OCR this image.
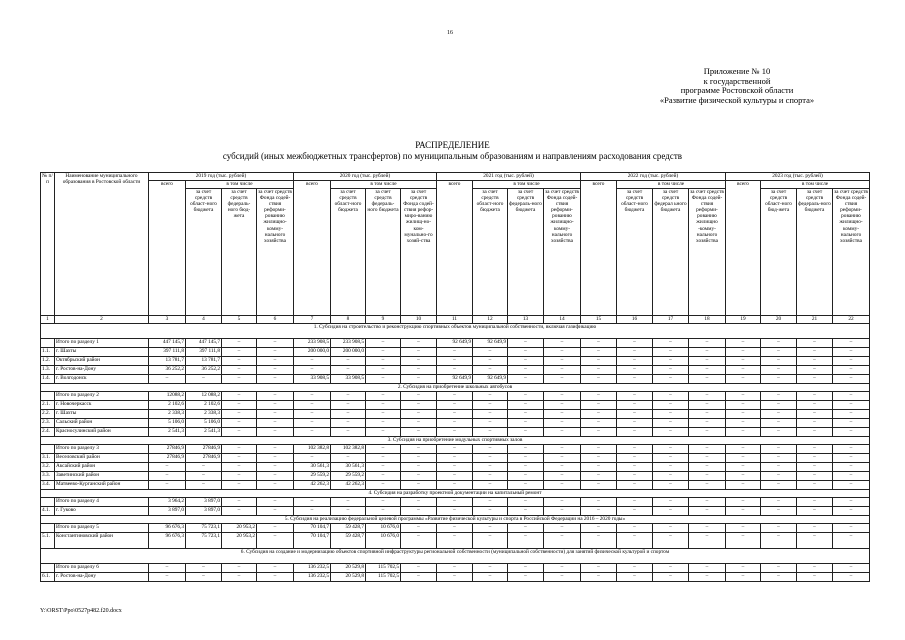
16
Приложение № 10
к государственной
программе Ростовской области
«Развитие физической культуры и спорта»
РАСПРЕДЕЛЕНИЕ
субсидий (иных межбюджетных трансфертов) по муниципальным образованиям и направлениям расходования средств
№ п/п	Наименование муниципального образования в Ростовской области	2019 год (тыс. рублей)				2020 год (тыс. рублей)				2021 год (тыс. рублей)				2022 год (тыс. рублей)				2023 год (тыс. рублей)			
		всего	в том числе			всего	в том числе			всего	в том числе			всего	в том числе			всего	в том числе		
			за счет средств област-ного бюджета	за счет средств федераль-ного бюд-жета	за счет средств Фонда содей-ствия реформи-рованию жилищно-комму-нального хозяйства		за счет средств област-ного бюджета	за счет средств федераль-ного бюджета	за счет средств Фонда содей-ствия рефор-миро-ванию жилищ-но-ком-мунально-го хозяй-ства		за счет средств област-ного бюджета	за счет средств федераль-ного бюджета	за счет средств Фонда содей-ствия реформи-рованию жилищно-комму-нального хозяйства		за счет средств област-ного бюджета	за счет средств федерал ьного бюджета	за счет средств Фонда содей-ствия реформи-рованию жилищно -комму-нального хозяйства		за счет средств област-ного бюд-жета	за счет средств федераль-ного бюджета	за счет средств Фонда содей-ствия реформи-рованию жилищно-комму-нального хозяйства
1	2	3	4	5	6	7	8	9	10	11	12	13	14	15	16	17	18	19	20	21	22
1. Субсидия на строительство и реконструкцию спортивных объектов муниципальной собственности, включая газификацию																					
	Итого по разделу 1	447 145,7	447 145,7	–	–	233 908,5	233 908,5	–	–	92 649,9	92 649,9	–	–	–	–	–	–	–	–	–	–
1.1.	г. Шахты	397 111,8	397 111,8	–	–	200 000,0	200 000,0	–	–	–	–	–	–	–	–	–	–	–	–	–	–
1.2.	Октябрьский район	13 781,7	13 781,7	–	–	–	–	–	–	–	–	–	–	–	–	–	–	–	–	–	–
1.3.	г. Ростов-на-Дону	36 252,2	36 252,2	–	–	–	–	–	–	–	–	–	–	–	–	–	–	–	–	–	–
1.4.	г. Волгодонск	–	–	–	–	33 908,5	33 908,5	–	–	92 649,9	92 649,9	–	–	–	–	–	–	–	–	–	–
2. Субсидия на приобретение школьных автобусов																					
	Итого по разделу 2	12088,2	12 088,2	–	–	–	–	–	–	–	–	–	–	–	–	–	–	–	–	–	–
2.1.	г. Новочеркасск	2 102,6	2 102,6	–	–	–	–	–	–	–	–	–	–	–	–	–	–	–	–	–	–
2.2.	г. Шахты	2 338,3	2 338,3	–	–	–	–	–	–	–	–	–	–	–	–	–	–	–	–	–	–
2.3.	Сальский район	5 106,0	5 106,0	–	–	–	–	–	–	–	–	–	–	–	–	–	–	–	–	–	–
2.4.	Красносулинский район	2 541,3	2 541,3	–	–	–	–	–	–	–	–	–	–	–	–	–	–	–	–	–	–
3. Субсидия на приобретение модульных спортивных залов																					
	Итого по разделу 3	27846,9	27846,9	–	–	102 382,8	102 382,8	–	–	–	–	–	–	–	–	–	–	–	–	–	–
3.1.	Веселовский район	27846,9	27846,9	–	–	–	–	–	–	–	–	–	–	–	–	–	–	–	–	–	–
3.2.	Аксайский район	–	–	–	–	30 561,3	30 561,3	–	–	–	–	–	–	–	–	–	–	–	–	–	–
3.3.	Заветинский район	–	–	–	–	29 559,2	29 559,2	–	–	–	–	–	–	–	–	–	–	–	–	–	–
3.4.	Матвеево-Курганский район	–	–	–	–	42 262,3	42 262,3	–	–	–	–	–	–	–	–	–	–	–	–	–	–
4. Субсидия на разработку проектной документации на капитальный ремонт																					
	Итого по разделу 4	3 964,2	3 897,0	–	–	–	–	–	–	–	–	–	–	–	–	–	–	–	–	–	–
4.1.	г. Гуково	3 897,0	3 897,0	–	–	–	–	–	–	–	–	–	–	–	–	–	–	–	–	–	–
5. Субсидия на реализацию федеральной целевой программы «Развитие физической культуры и спорта в Российской Федерации на 2016 – 2020 годы»																					
	Итого по разделу 5	96 676,3	75 723,1	20 953,2	–	70 104,7	59 428,7	10 676,0	–	–	–	–	–	–	–	–	–	–	–	–	–
5.1.	Константиновский район	96 676,3	75 723,1	20 953,2	–	70 104,7	59 428,7	10 676,0	–	–	–	–	–	–	–	–	–	–	–	–	–
6. Субсидия на создание и модернизацию объектов спортивной инфраструктуры региональной собственности (муниципальной собственности) для занятий физической культурой и спортом																					
	Итого по разделу 6	–	–	–	–	136 232,5	20 529,8	115 702,5	–	–	–	–	–	–	–	–	–	–	–	–	–
6.1.	г. Ростов-на-Дону	–	–	–	–	136 232,5	20 529,8	115 702,5	–	–	–	–	–	–	–	–	–	–	–	–	–
Y:\ORST\Ppo\0527p482.f20.docx
